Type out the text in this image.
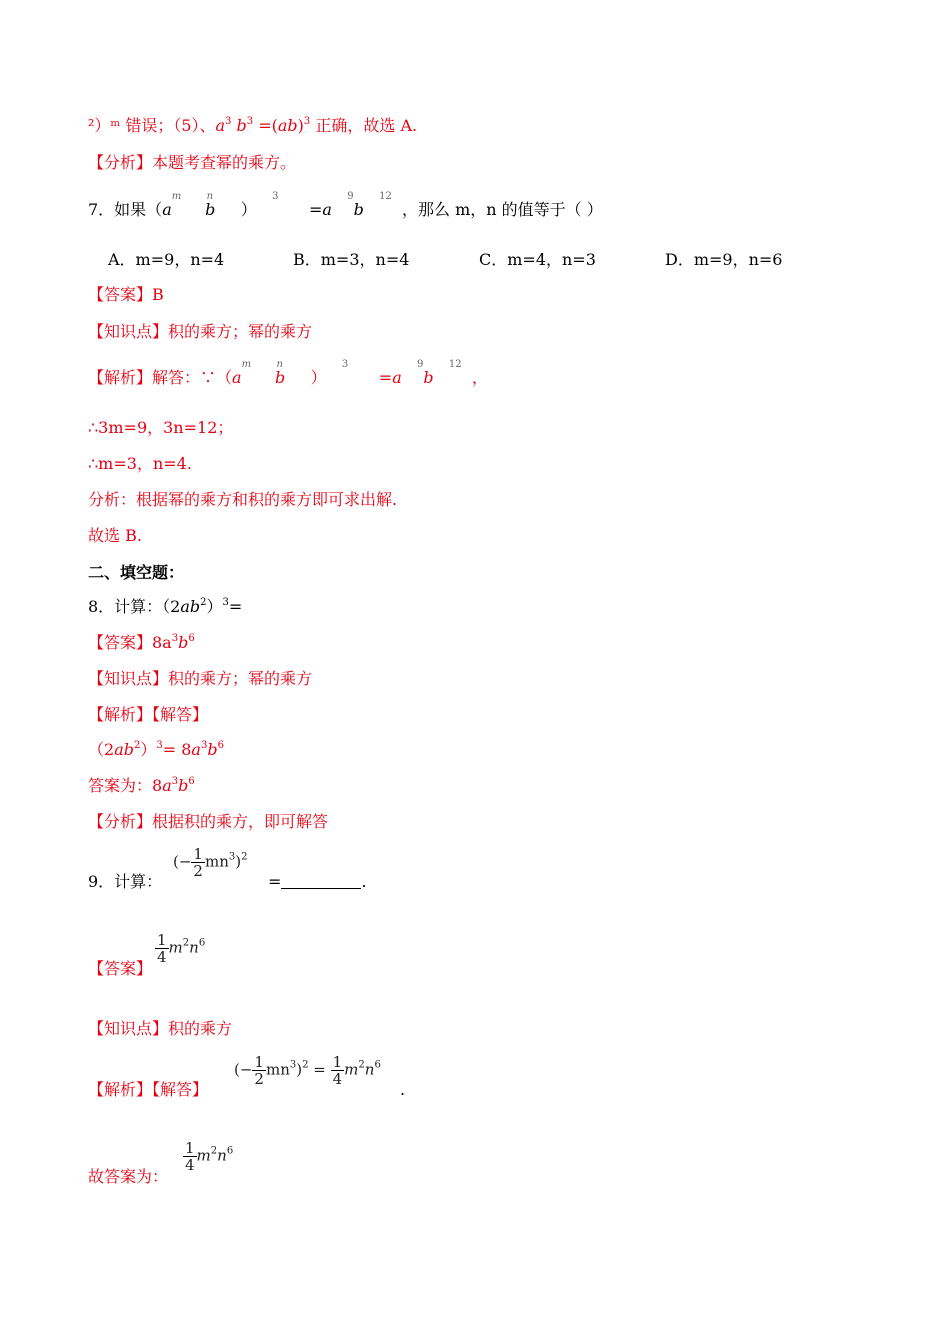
²）ᵐ 错误；（5）、$a^3$ $b^3 =(ab)^3$ 正确，故选 A.
【分析】本题考查幂的乘方。
7．如果（$a^m$	$^n$b ）   $^3$      =a   $^9$b   $^{12}$  ，那么 m，n 的值等于（ ）
A．m=9，n=4	B．m=3，n=4	C．m=4，n=3	D．m=9，n=6
【答案】B
【知识点】积的乘方；幂的乘方
【解析】解答：$\because(a^m$	$^n$b ）   $^3$      =a   $^9$b   $^{12}$  ，
∴3m=9，3n=12；
∴m=3，n=4.
分析：根据幂的乘方和积的乘方即可求出解.
故选 B.
二、填空题：
8．计算：$(2ab^2)^3=$
【答案】$8a^3b^6$
【知识点】积的乘方；幂的乘方
【解析】【解答】
$(2ab^2)^3= 8a^3b^6$
答案为：$8a^3b^6$
【分析】根据积的乘方，即可解答
9．计算：
(− $\frac{1}{2} mn^3)^2$
=	.
【答案】
$\frac{1}{4} m^2n^6$
【知识点】积的乘方
【解析】【解答】
(− $\frac{1}{2} mn^3)^2 = \frac{1}{4} m^2n^6$
.
故答案为：
$\frac{1}{4} m^2n^6$
